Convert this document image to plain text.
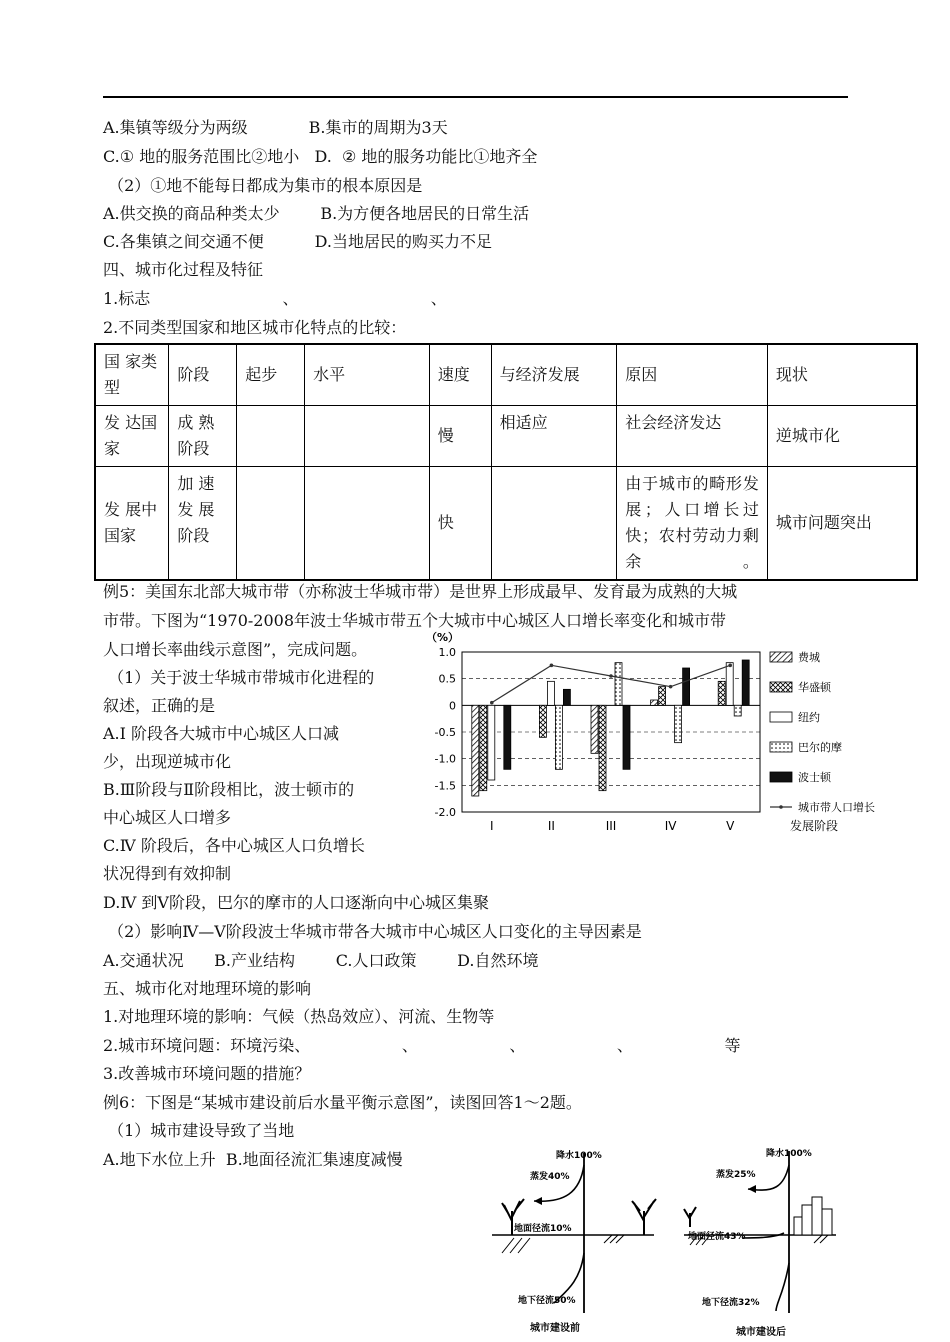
A.集镇等级分为两级            B.集市的周期为3天
C.① 地的服务范围比②地小   D.  ② 地的服务功能比①地齐全
（2）①地不能每日都成为集市的根本原因是
A.供交换的商品种类太少        B.为方便各地居民的日常生活
C.各集镇之间交通不便          D.当地居民的购买力不足
四、城市化过程及特征
1.标志                          、                          、
2.不同类型国家和地区城市化特点的比较：
国 家类型	阶段	起步	水平	速度	与经济发展	原因	现状
发 达国家	成 熟阶段			慢	相适应	社会经济发达	逆城市化
发 展中 国家	加 速发 展阶段			快		由于城市的畸形发展；人口增长过快；农村劳动力剩余。	城市问题突出
例5：美国东北部大城市带（亦称波士华城市带）是世界上形成最早、发育最为成熟的大城
市带。下图为“1970-2008年波士华城市带五个大城市中心城区人口增长率变化和城市带
人口增长率曲线示意图”，完成问题。
（1）关于波士华城市带城市化进程的
叙述，正确的是
A.Ⅰ 阶段各大城市中心城区人口减
少，出现逆城市化
B.Ⅲ阶段与Ⅱ阶段相比，波士顿市的
中心城区人口增多
C.Ⅳ 阶段后，各中心城区人口负增长
状况得到有效抑制
D.Ⅳ 到Ⅴ阶段，巴尔的摩市的人口逐渐向中心城区集聚
（2）影响Ⅳ—Ⅴ阶段波士华城市带各大城市中心城区人口变化的主导因素是
A.交通状况      B.产业结构        C.人口政策        D.自然环境
五、城市化对地理环境的影响
1.对地理环境的影响：气候（热岛效应）、河流、生物等
2.城市环境问题：环境污染、                  、                  、                  、                  等
3.改善城市环境问题的措施？
例6：下图是“某城市建设前后水量平衡示意图”，读图回答1～2题。
（1）城市建设导致了当地
A.地下水位上升  B.地面径流汇集速度减慢
（%）
1.0
0.5
0
-0.5
-1.0
-1.5
-2.0
I	II	III	IV	V
费城
华盛顿
纽约
巴尔的摩
波士顿
城市带人口增长
发展阶段
降水100%
蒸发40%
地面径流10%
地下径流50%
城市建设前
降水100%
蒸发25%
地面径流43%
地下径流32%
城市建设后
